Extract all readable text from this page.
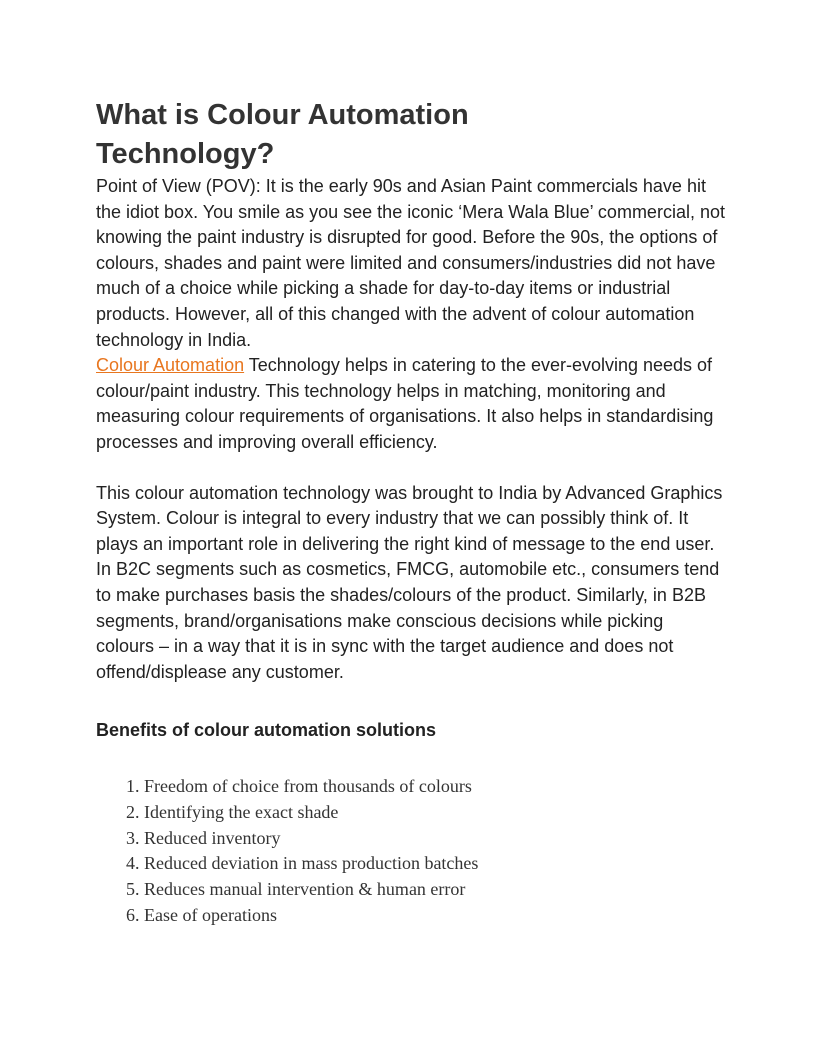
What is Colour Automation Technology?

Point of View (POV): It is the early 90s and Asian Paint commercials have hit the idiot box. You smile as you see the iconic ‘Mera Wala Blue’ commercial, not knowing the paint industry is disrupted for good. Before the 90s, the options of colours, shades and paint were limited and consumers/industries did not have much of a choice while picking a shade for day-to-day items or industrial products. However, all of this changed with the advent of colour automation technology in India.
Colour Automation Technology helps in catering to the ever-evolving needs of colour/paint industry. This technology helps in matching, monitoring and measuring colour requirements of organisations. It also helps in standardising processes and improving overall efficiency.

This colour automation technology was brought to India by Advanced Graphics System. Colour is integral to every industry that we can possibly think of. It plays an important role in delivering the right kind of message to the end user. In B2C segments such as cosmetics, FMCG, automobile etc., consumers tend to make purchases basis the shades/colours of the product. Similarly, in B2B segments, brand/organisations make conscious decisions while picking colours – in a way that it is in sync with the target audience and does not offend/displease any customer.

Benefits of colour automation solutions
1. Freedom of choice from thousands of colours
2. Identifying the exact shade
3. Reduced inventory
4. Reduced deviation in mass production batches
5. Reduces manual intervention & human error
6. Ease of operations
